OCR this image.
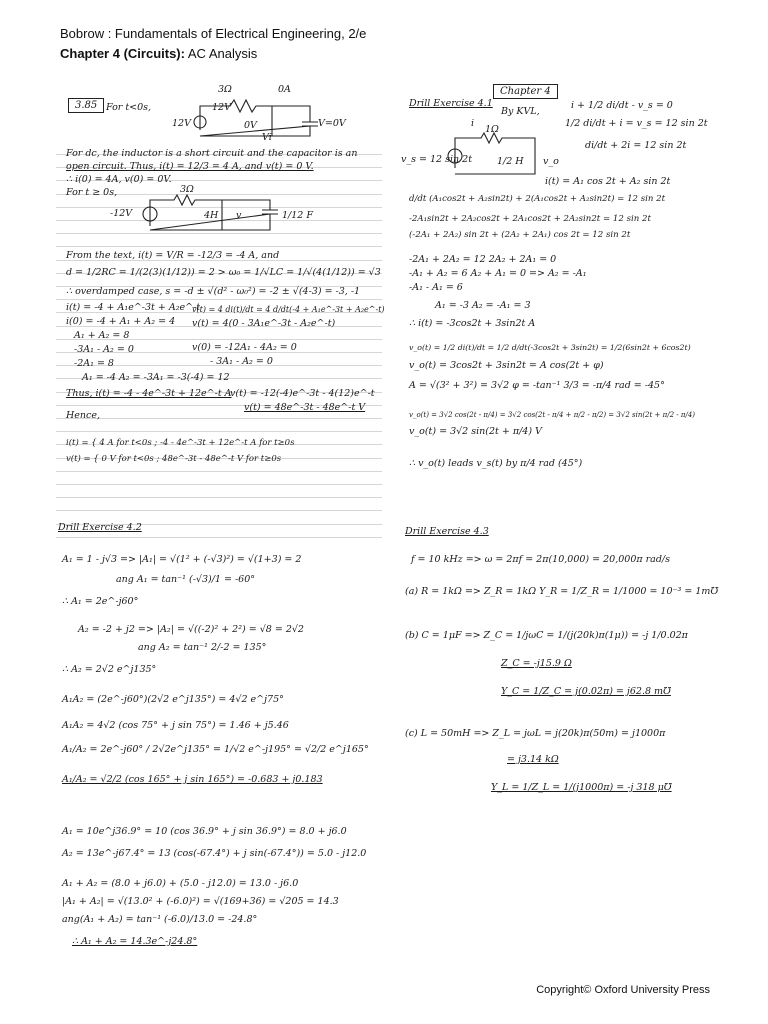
Bobrow : Fundamentals of Electrical Engineering, 2/e
Chapter 4 (Circuits): AC Analysis
3.85 For t<0s,
3Ω	0A
12V
12V
0V
Vi
V=0V
For dc, the inductor is a short circuit and the capacitor is an
open circuit. Thus, i(t) = 12/3 = 4 A, and v(t) = 0 V.
∴ i(0) = 4A, v(0) = 0V.
For t ≥ 0s,	3Ω
-12V	4H v	1/12 F
From the text, i(t) = V/R = -12/3 = -4 A, and
d = 1/2RC = 1/(2(3)(1/12)) = 2 > ω₀ = 1/√LC = 1/√(4(1/12)) = √3
∴ overdamped case, s = -d ± √(d² - ω₀²) = -2 ± √(4-3) = -3, -1
i(t) = -4 + A₁e^-3t + A₂e^-t
i(0) = -4 + A₁ + A₂ = 4
A₁ + A₂ = 8
-3A₁ - A₂ = 0
-2A₁ = 8
A₁ = -4 A₂ = -3A₁ = -3(-4) = 12
Thus, i(t) = -4 - 4e^-3t + 12e^-t A
Hence,
v(t) = 4 di(t)/dt = 4 d/dt(-4 + A₁e^-3t + A₂e^-t)
v(t) = 4(0 - 3A₁e^-3t - A₂e^-t)
v(0) = -12A₁ - 4A₂ = 0
- 3A₁ - A₂ = 0
v(t) = -12(-4)e^-3t - 4(12)e^-t
v(t) = 48e^-3t - 48e^-t V
i(t) = { 4 A for t<0s ; -4 - 4e^-3t + 12e^-t A for t≥0s
v(t) = { 0 V for t<0s ; 48e^-3t - 48e^-t V for t≥0s
Chapter 4
Drill Exercise 4.1
By KVL,
i + 1/2 di/dt - v_s = 0
1/2 di/dt + i = v_s = 12 sin 2t
di/dt + 2i = 12 sin 2t
i
1Ω
v_s = 12 sin 2t	1/2 H v_o
i(t) = A₁ cos 2t + A₂ sin 2t
d/dt (A₁cos2t + A₂sin2t) + 2(A₁cos2t + A₂sin2t) = 12 sin 2t
-2A₁sin2t + 2A₂cos2t + 2A₁cos2t + 2A₂sin2t = 12 sin 2t
(-2A₁ + 2A₂) sin 2t + (2A₂ + 2A₁) cos 2t = 12 sin 2t
-2A₁ + 2A₂ = 12 2A₂ + 2A₁ = 0
-A₁ + A₂ = 6 A₂ + A₁ = 0 => A₂ = -A₁
-A₁ - A₁ = 6
A₁ = -3 A₂ = -A₁ = 3
∴ i(t) = -3cos2t + 3sin2t A
v_o(t) = 1/2 di(t)/dt = 1/2 d/dt(-3cos2t + 3sin2t) = 1/2(6sin2t + 6cos2t)
v_o(t) = 3cos2t + 3sin2t = A cos(2t + φ)
A = √(3² + 3²) = 3√2 φ = -tan⁻¹ 3/3 = -π/4 rad = -45°
v_o(t) = 3√2 cos(2t - π/4) = 3√2 cos(2t - π/4 + π/2 - π/2) = 3√2 sin(2t + π/2 - π/4)
v_o(t) = 3√2 sin(2t + π/4) V
∴ v_o(t) leads v_s(t) by π/4 rad (45°)
Drill Exercise 4.2
A₁ = 1 - j√3 => |A₁| = √(1² + (-√3)²) = √(1+3) = 2
ang A₁ = tan⁻¹ (-√3)/1 = -60°
∴ A₁ = 2e^-j60°
A₂ = -2 + j2 => |A₂| = √((-2)² + 2²) = √8 = 2√2
ang A₂ = tan⁻¹ 2/-2 = 135°
∴ A₂ = 2√2 e^j135°
A₁A₂ = (2e^-j60°)(2√2 e^j135°) = 4√2 e^j75°
A₁A₂ = 4√2 (cos 75° + j sin 75°) = 1.46 + j5.46
A₁/A₂ = 2e^-j60° / 2√2e^j135° = 1/√2 e^-j195° = √2/2 e^j165°
A₁/A₂ = √2/2 (cos 165° + j sin 165°) = -0.683 + j0.183
A₁ = 10e^j36.9° = 10 (cos 36.9° + j sin 36.9°) = 8.0 + j6.0
A₂ = 13e^-j67.4° = 13 (cos(-67.4°) + j sin(-67.4°)) = 5.0 - j12.0
A₁ + A₂ = (8.0 + j6.0) + (5.0 - j12.0) = 13.0 - j6.0
|A₁ + A₂| = √(13.0² + (-6.0)²) = √(169+36) = √205 = 14.3
ang(A₁ + A₂) = tan⁻¹ (-6.0)/13.0 = -24.8°
∴ A₁ + A₂ = 14.3e^-j24.8°
Drill Exercise 4.3
f = 10 kHz => ω = 2πf = 2π(10,000) = 20,000π rad/s
(a) R = 1kΩ => Z_R = 1kΩ Y_R = 1/Z_R = 1/1000 = 10⁻³ = 1m℧
(b) C = 1μF => Z_C = 1/jωC = 1/(j(20k)π(1μ)) = -j 1/0.02π
Z_C = -j15.9 Ω
Y_C = 1/Z_C = j(0.02π) = j62.8 m℧
(c) L = 50mH => Z_L = jωL = j(20k)π(50m) = j1000π
= j3.14 kΩ
Y_L = 1/Z_L = 1/(j1000π) = -j 318 μ℧
Copyright© Oxford University Press
